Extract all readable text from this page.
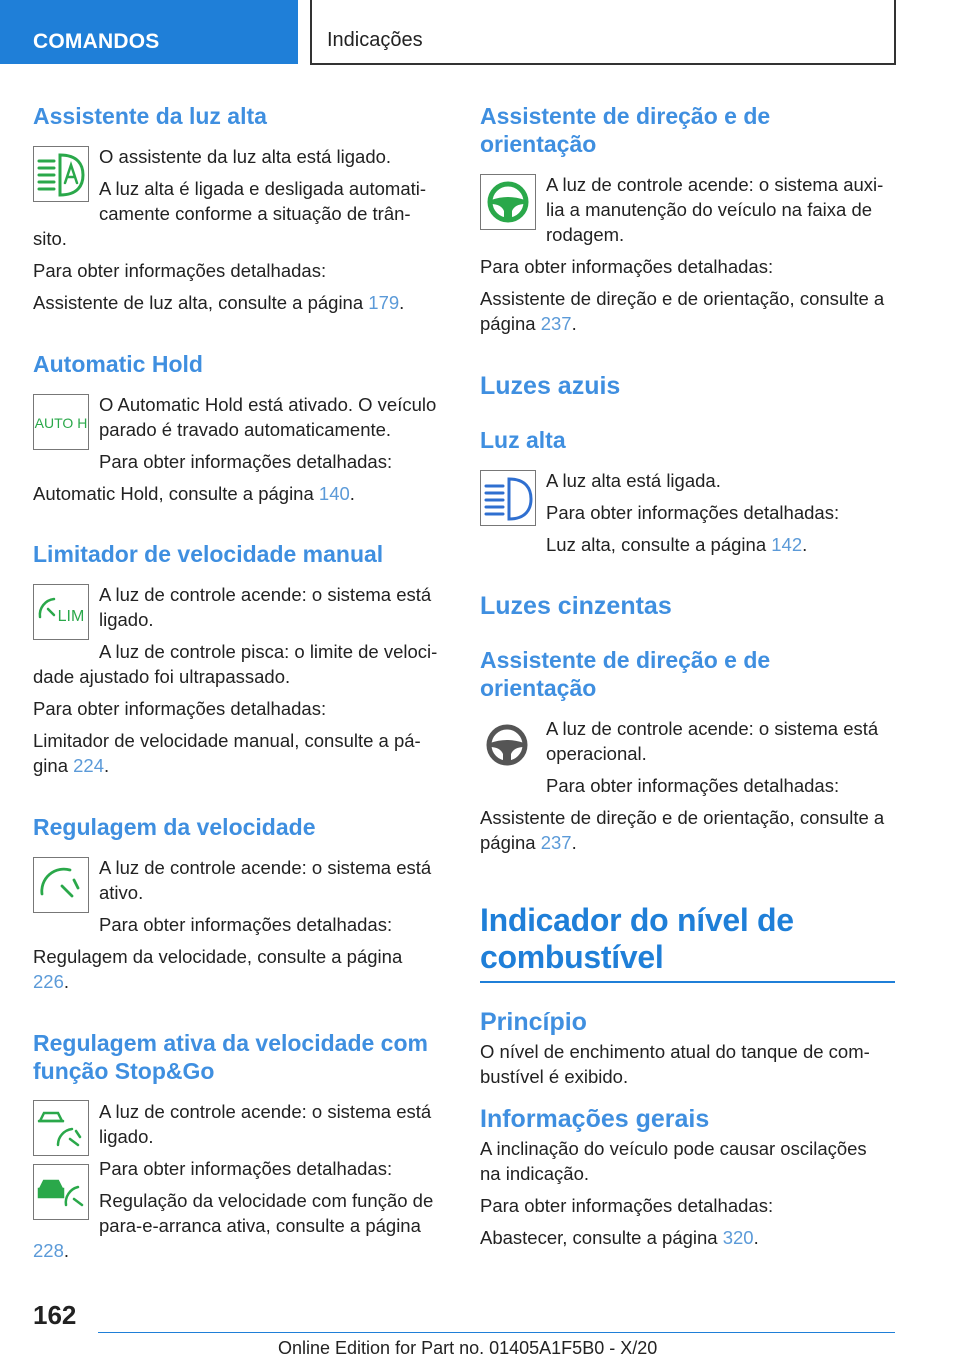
COMANDOS	Indicações
Assistente da luz alta

O assistente da luz alta está ligado.

A luz alta é ligada e desligada automati-

camente conforme a situação de trân-

sito.

Para obter informações detalhadas:

Assistente de luz alta, consulte a página 179.

Automatic Hold
AUTO H

O Automatic Hold está ativado. O veículo

parado é travado automaticamente.

Para obter informações detalhadas:

Automatic Hold, consulte a página 140.

Limitador de velocidade manual
LIM

A luz de controle acende: o sistema está

ligado.

A luz de controle pisca: o limite de veloci-

dade ajustado foi ultrapassado.

Para obter informações detalhadas:

Limitador de velocidade manual, consulte a pá-

gina 224.

Regulagem da velocidade

A luz de controle acende: o sistema está

ativo.

Para obter informações detalhadas:

Regulagem da velocidade, consulte a página

226.

Regulagem ativa da velocidade com
função Stop&Go

A luz de controle acende: o sistema está

ligado.

Para obter informações detalhadas:

Regulação da velocidade com função de

para-e-arranca ativa, consulte a página

228.

Assistente de direção e de
orientação

A luz de controle acende: o sistema auxi-

lia a manutenção do veículo na faixa de

rodagem.

Para obter informações detalhadas:

Assistente de direção e de orientação, consulte a

página 237.

Luzes azuis
Luz alta

A luz alta está ligada.

Para obter informações detalhadas:

Luz alta, consulte a página 142.

Luzes cinzentas
Assistente de direção e de
orientação

A luz de controle acende: o sistema está

operacional.

Para obter informações detalhadas:

Assistente de direção e de orientação, consulte a

página 237.

Indicador do nível de
combustível
Princípio

O nível de enchimento atual do tanque de com-

bustível é exibido.

Informações gerais

A inclinação do veículo pode causar oscilações

na indicação.

Para obter informações detalhadas:

Abastecer, consulte a página 320.

162
Online Edition for Part no. 01405A1F5B0 - X/20
